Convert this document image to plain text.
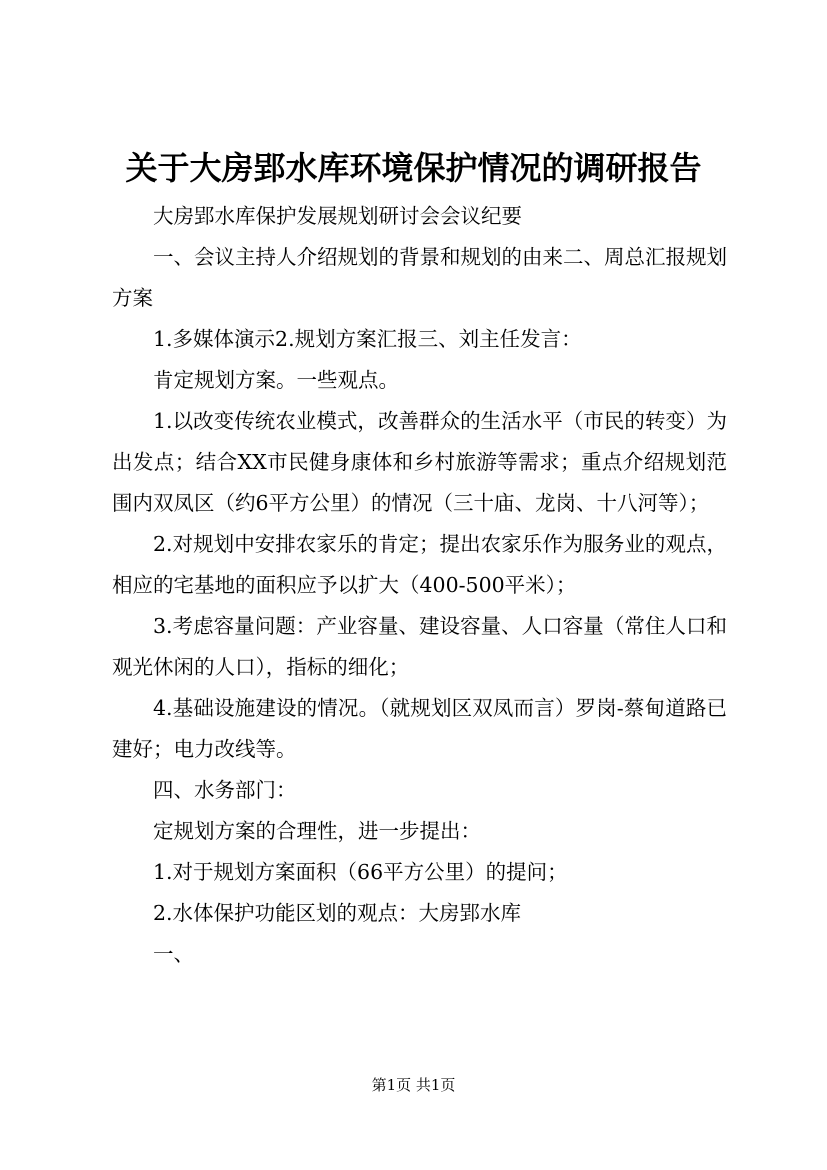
关于大房郢水库环境保护情况的调研报告

大房郢水库保护发展规划研讨会会议纪要

一、会议主持人介绍规划的背景和规划的由来二、周总汇报规划方案

1.多媒体演示2.规划方案汇报三、刘主任发言：

肯定规划方案。一些观点。

1.以改变传统农业模式，改善群众的生活水平（市民的转变）为出发点；结合XX市民健身康体和乡村旅游等需求；重点介绍规划范围内双凤区（约6平方公里）的情况（三十庙、龙岗、十八河等）；

2.对规划中安排农家乐的肯定；提出农家乐作为服务业的观点，相应的宅基地的面积应予以扩大（400-500平米）；

3.考虑容量问题：产业容量、建设容量、人口容量（常住人口和观光休闲的人口），指标的细化；

4.基础设施建设的情况。（就规划区双凤而言）罗岗-蔡甸道路已建好；电力改线等。

四、水务部门：

定规划方案的合理性，进一步提出：

1.对于规划方案面积（66平方公里）的提问；

2.水体保护功能区划的观点：大房郢水库

一、

第1页 共1页
